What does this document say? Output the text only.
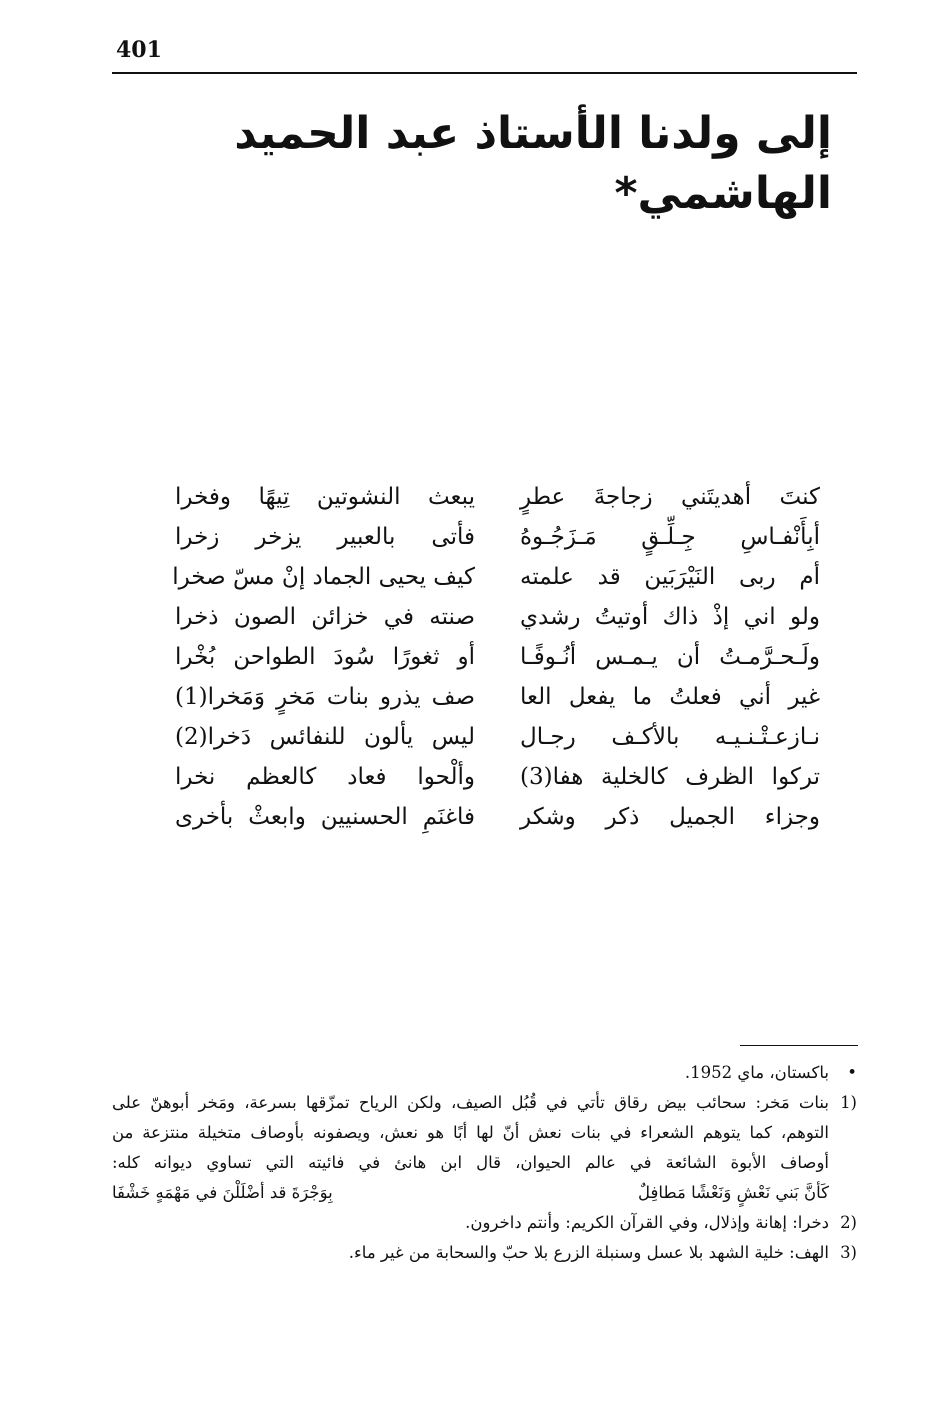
401
إلى ولدنا الأستاذ عبد الحميد الهاشمي*
كنتَ أهديتَني زجاجةَ عطرٍ
يبعث النشوتين تِيهًا وفخرا
أبِأَنْفـاسِ جِـلِّـقٍ مَـزَجُـوهُ
فأتى بالعبير يزخر زخرا
أم ربى النَيْرَبَين قد علمته
كيف يحيى الجماد إنْ مسّ صخرا
ولو اني إذْ ذاك أوتيتُ رشدي
صنته في خزائن الصون ذخرا
ولَـحـرَّمـتُ أن يـمـس أنُـوفًـا
أو ثغورًا سُودَ الطواحن بُخْرا
غير أني فعلتُ ما يفعل العا
صف يذرو بنات مَخرٍ وَمَخرا(1)
نـازعـتْـنـيـه بالأكـف رجـال
ليس يألون للنفائس دَخرا(2)
تركوا الظرف كالخلية هفا(3)
وألْحوا فعاد كالعظم نخرا
وجزاء الجميل ذكر وشكر
فاغنَمِ الحسنيين وابعثْ بأخرى
•
باكستان، ماي 1952.
1)
بنات مَخر: سحائب بيض رقاق تأتي في قُبُل الصيف، ولكن الرياح تمزّقها بسرعة، ومَخر أبوهنّ على
التوهم، كما يتوهم الشعراء في بنات نعش أنّ لها أبًا هو نعش، ويصفونه بأوصاف متخيلة منتزعة من
أوصاف الأبوة الشائعة في عالم الحيوان، قال ابن هانئ في فائيته التي تساوي ديوانه كله:
كَأنَّ بَني نَعْشٍ وَنَعْشًا مَطافِلٌ
بِوَجْرَةَ قد أضْلَلْنَ في مَهْمَهٍ خَشْفَا
2)
دخرا: إهانة وإذلال، وفي القرآن الكريم: وأنتم داخرون.
3)
الهف: خلية الشهد بلا عسل وسنبلة الزرع بلا حبّ والسحابة من غير ماء.
